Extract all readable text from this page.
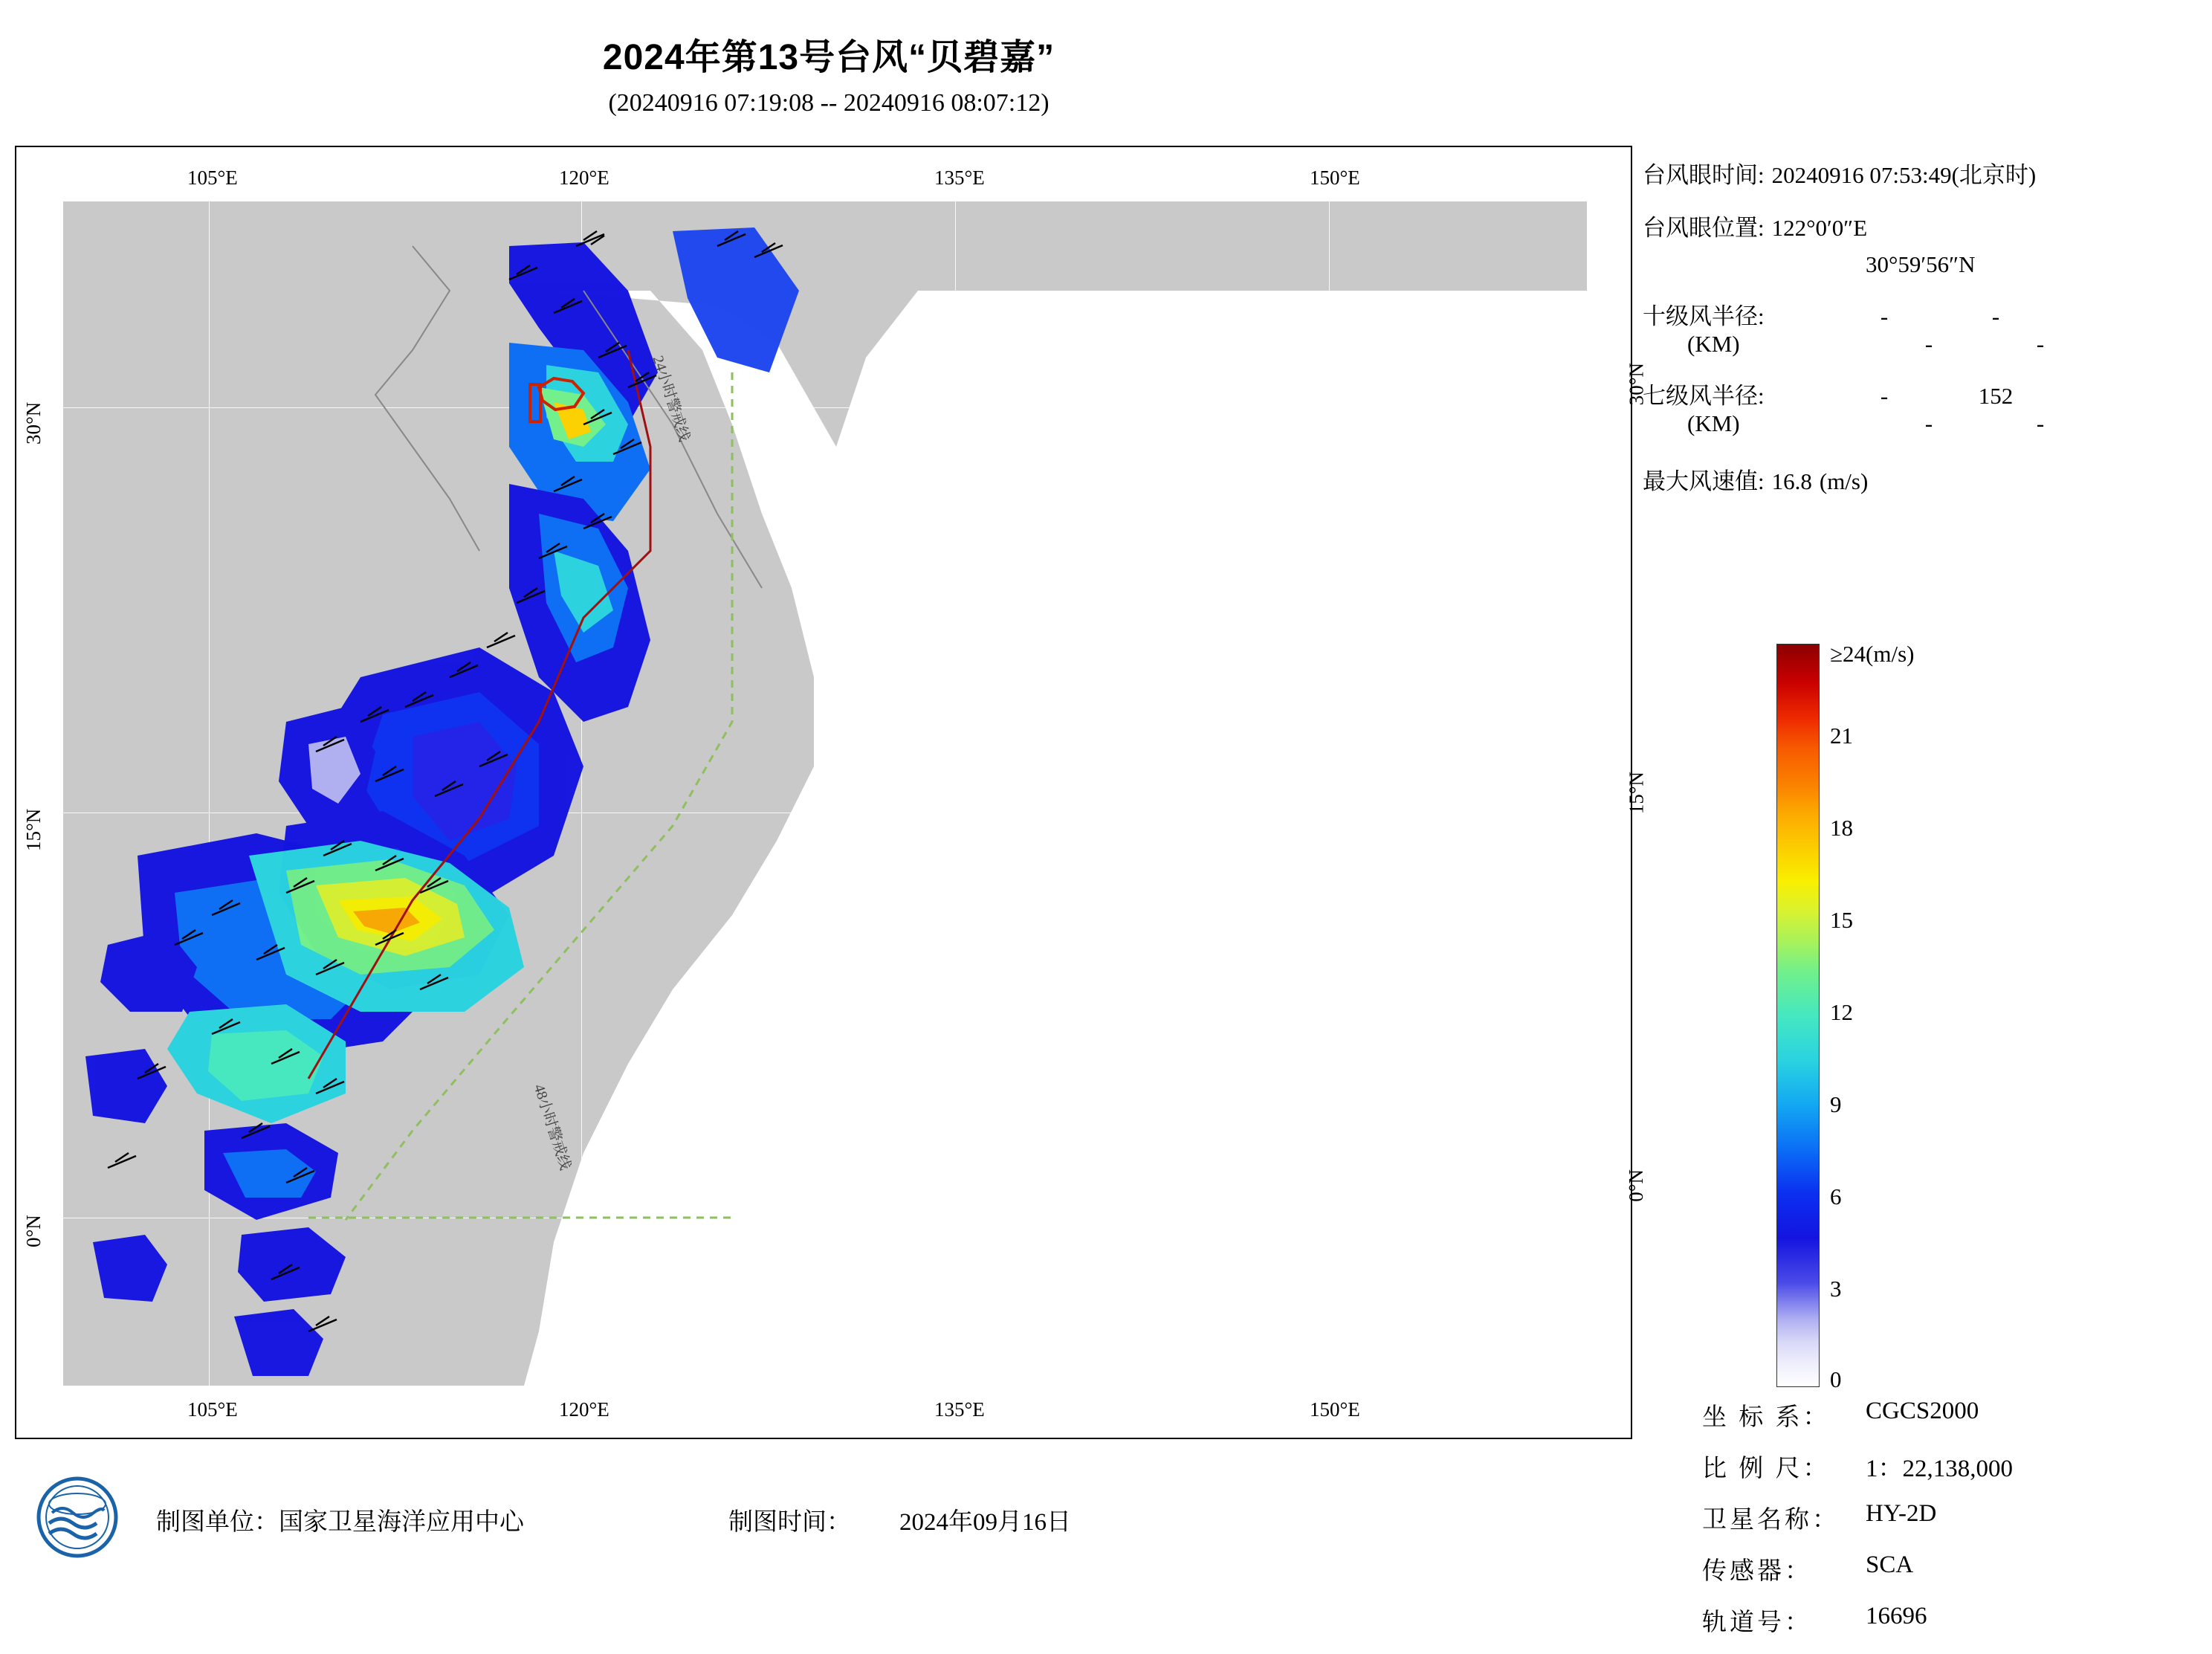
2024年第13号台风“贝碧嘉”
(20240916 07:19:08 -- 20240916 08:07:12)
105°E	120°E	135°E	150°E
105°E	120°E	135°E	150°E
30°N
15°N
0°N
30°N
15°N
0°N
24小时警戒线
48小时警戒线
台风眼时间: 20240916 07:53:49(北京时)
台风眼位置: 122°0′0″E
30°59′56″N
十级风半径:	-	-
(KM)	-	-
七级风半径:	-	152
(KM)	-	-
最大风速值: 16.8 (m/s)
≥24(m/s)
21
18
15
12
9
6
3
0
坐 标 系：	CGCS2000
比 例 尺：	1：22,138,000
卫星名称：	HY-2D
传感器：	SCA
轨道号：	16696
制图单位：国家卫星海洋应用中心	制图时间： 2024年09月16日
